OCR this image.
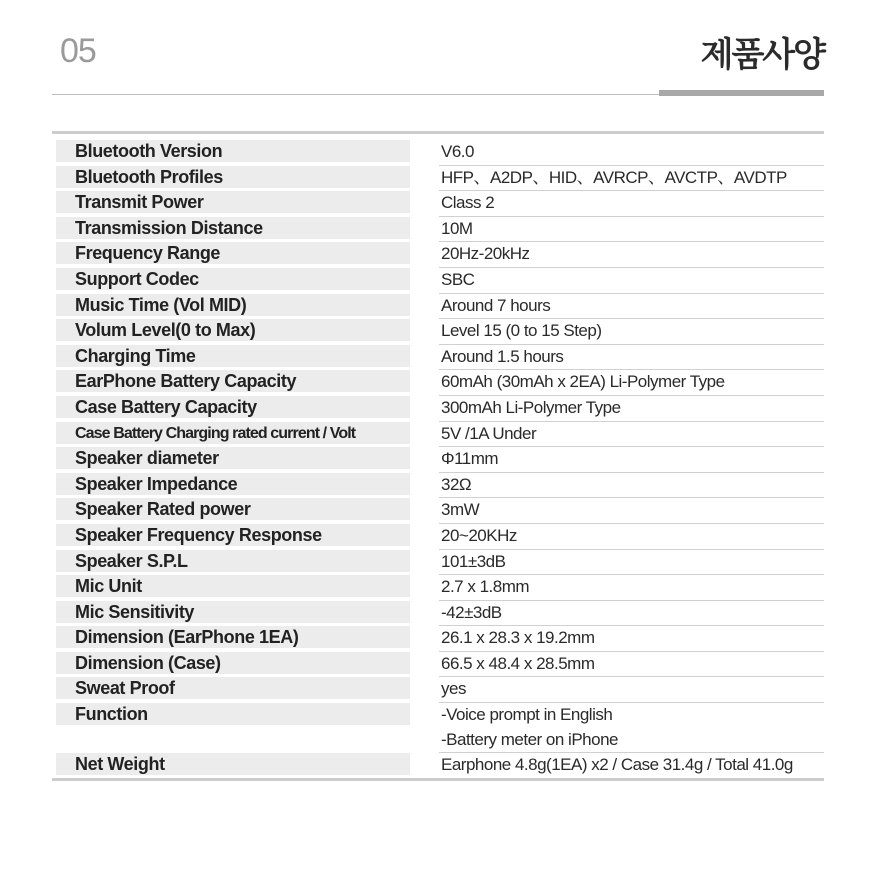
05	제품사양
Bluetooth Version	V6.0
Bluetooth Profiles	HFP、A2DP、HID、AVRCP、AVCTP、AVDTP
Transmit Power	Class 2
Transmission Distance	10M
Frequency Range	20Hz-20kHz
Support Codec	SBC
Music Time (Vol MID)	Around 7 hours
Volum Level(0 to Max)	Level 15 (0 to 15 Step)
Charging Time	Around 1.5 hours
EarPhone Battery Capacity	60mAh (30mAh x 2EA) Li-Polymer Type
Case Battery Capacity	300mAh Li-Polymer Type
Case Battery Charging rated current / Volt	5V /1A Under
Speaker diameter	Φ11mm
Speaker Impedance	32Ω
Speaker Rated power	3mW
Speaker Frequency Response	20~20KHz
Speaker S.P.L	101±3dB
Mic Unit	2.7 x 1.8mm
Mic Sensitivity	-42±3dB
Dimension (EarPhone 1EA)	26.1 x 28.3 x 19.2mm
Dimension (Case)	66.5 x 48.4 x 28.5mm
Sweat Proof	yes
Function	-Voice prompt in English
-Battery meter on iPhone
Net Weight	Earphone 4.8g(1EA) x2 / Case 31.4g / Total 41.0g
